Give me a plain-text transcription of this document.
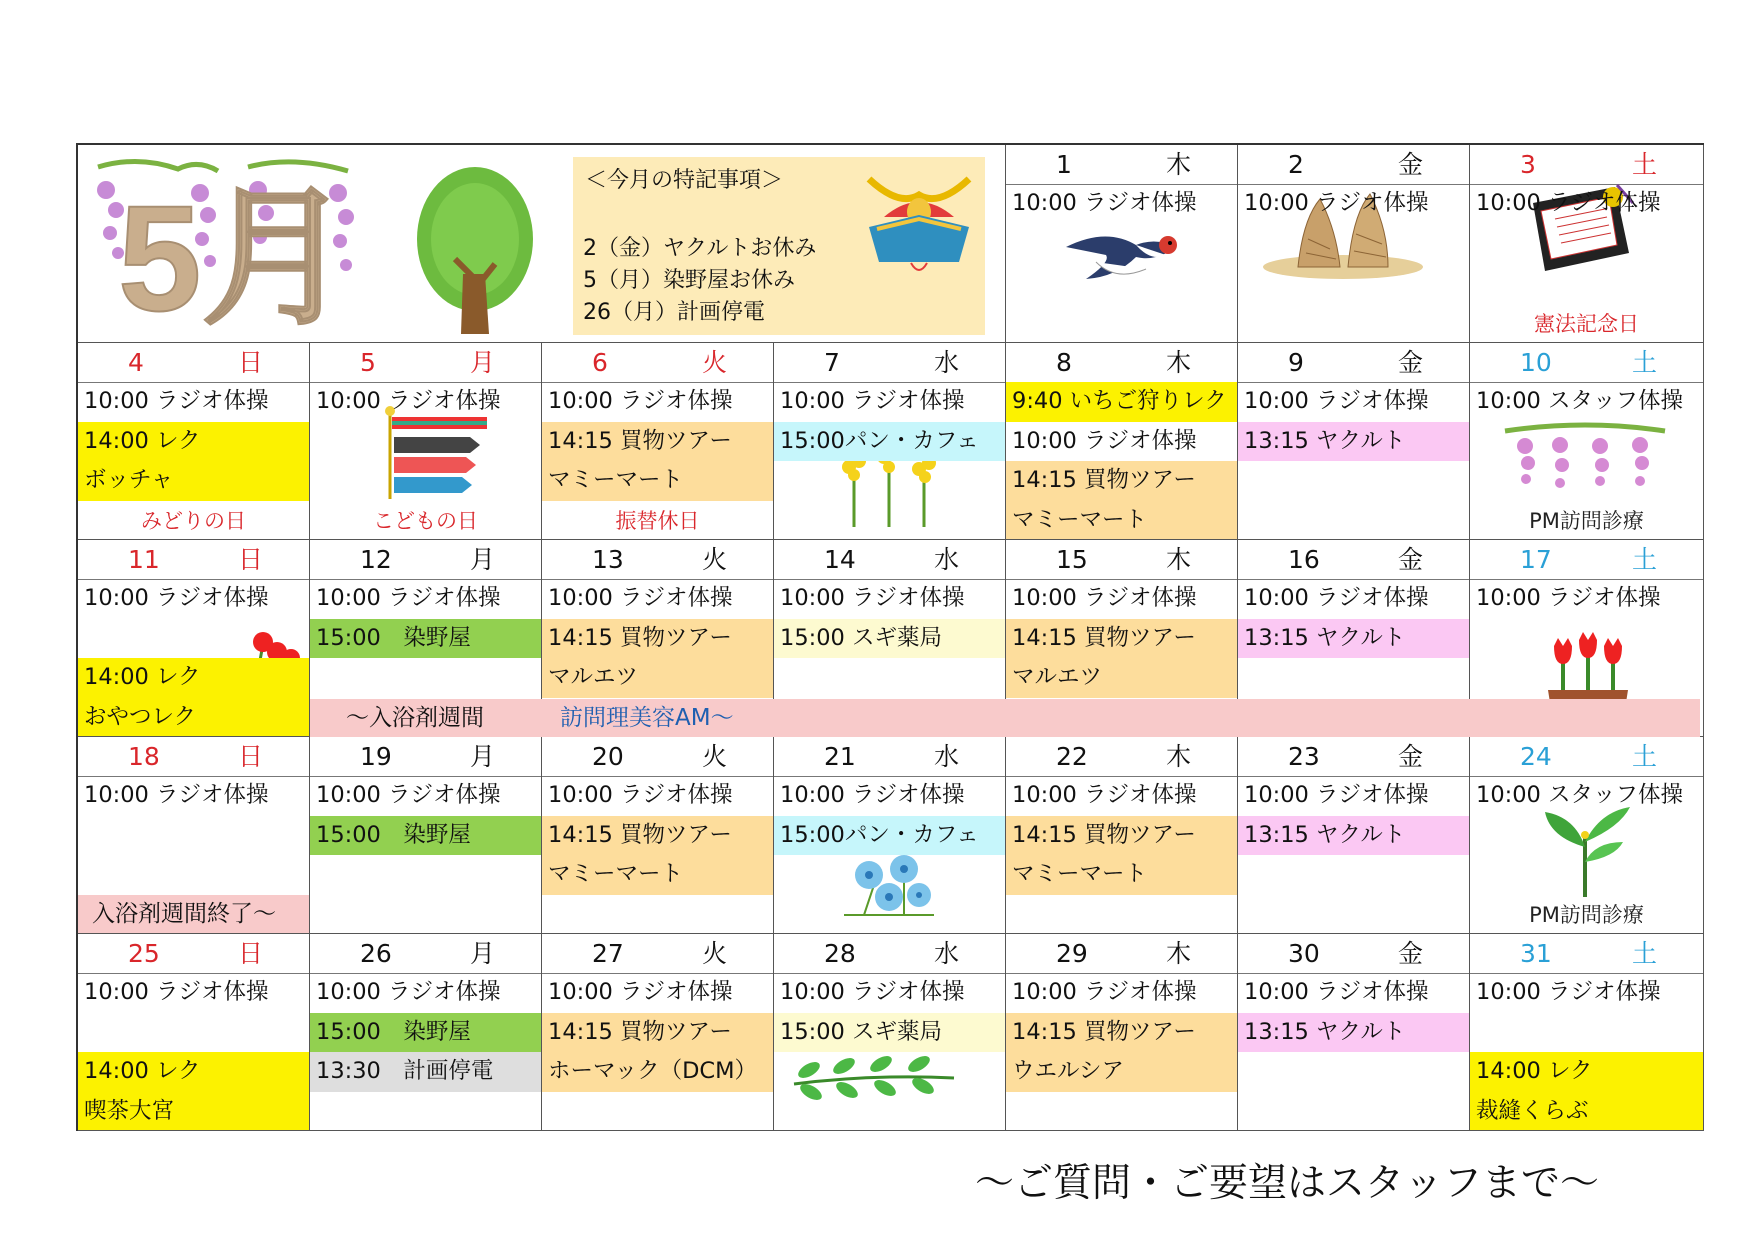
5月	＜今月の特記事項＞
2（金）ヤクルトお休み
5（月）染野屋お休み
26（月）計画停電
1	木
10:00 ラジオ体操
2	金
10:00 ラジオ体操
3	土
10:00 ラジオ体操
憲法記念日
4	日
10:00 ラジオ体操
14:00 レク
ボッチャ
みどりの日
5	月
10:00 ラジオ体操
こどもの日
6	火
10:00 ラジオ体操
14:15 買物ツアー
マミーマート
振替休日
7	水
10:00 ラジオ体操
15:00パン・カフェ
8	木
9:40 いちご狩りレク
10:00 ラジオ体操
14:15 買物ツアー
マミーマート
9	金
10:00 ラジオ体操
13:15 ヤクルト
10	土
10:00 スタッフ体操
PM訪問診療
11	日
10:00 ラジオ体操
14:00 レク
おやつレク
12	月
10:00 ラジオ体操
15:00　染野屋
13	火
10:00 ラジオ体操
14:15 買物ツアー
マルエツ
14	水
10:00 ラジオ体操
15:00 スギ薬局
15	木
10:00 ラジオ体操
14:15 買物ツアー
マルエツ
16	金
10:00 ラジオ体操
13:15 ヤクルト
17	土
10:00 ラジオ体操
～入浴剤週間	訪問理美容AM～
18	日
10:00 ラジオ体操
入浴剤週間終了～
19	月
10:00 ラジオ体操
15:00　染野屋
20	火
10:00 ラジオ体操
14:15 買物ツアー
マミーマート
21	水
10:00 ラジオ体操
15:00パン・カフェ
22	木
10:00 ラジオ体操
14:15 買物ツアー
マミーマート
23	金
10:00 ラジオ体操
13:15 ヤクルト
24	土
10:00 スタッフ体操
PM訪問診療
25	日
10:00 ラジオ体操
14:00 レク
喫茶大宮
26	月
10:00 ラジオ体操
15:00　染野屋
13:30　計画停電
27	火
10:00 ラジオ体操
14:15 買物ツアー
ホーマック（DCM）
28	水
10:00 ラジオ体操
15:00 スギ薬局
29	木
10:00 ラジオ体操
14:15 買物ツアー
ウエルシア
30	金
10:00 ラジオ体操
13:15 ヤクルト
31	土
10:00 ラジオ体操
14:00 レク
裁縫くらぶ
～ご質問・ご要望はスタッフまで～
